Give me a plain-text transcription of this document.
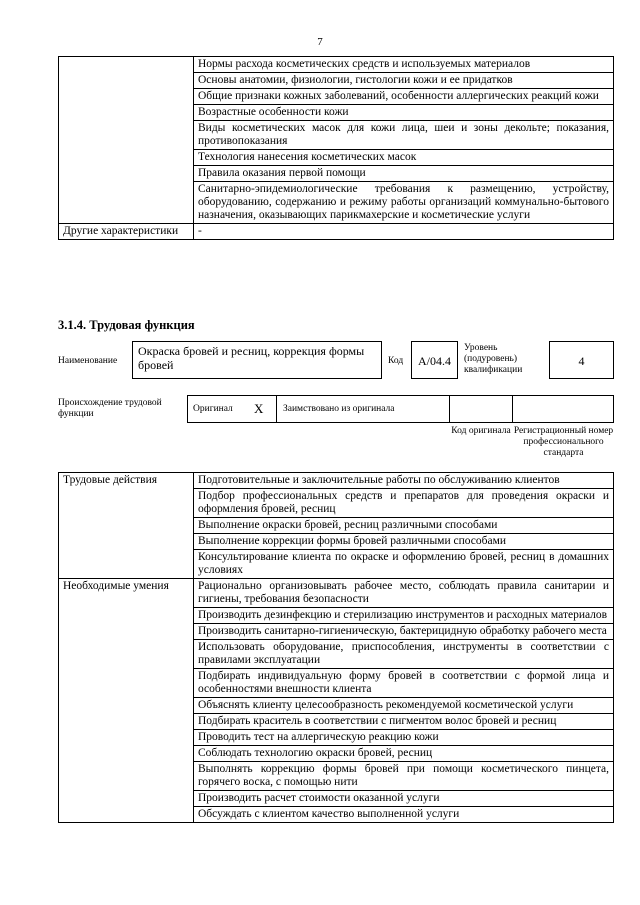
7
	Нормы расхода косметических средств и используемых материалов
	Основы анатомии, физиологии, гистологии кожи и ее придатков
	Общие признаки кожных заболеваний, особенности аллергических реакций кожи
	Возрастные особенности кожи
	Виды косметических масок для кожи лица, шеи и зоны декольте; показания, противопоказания
	Технология нанесения косметических масок
	Правила оказания первой помощи
	Санитарно-эпидемиологические требования к размещению, устройству, оборудованию, содержанию и режиму работы организаций коммунально-бытового назначения, оказывающих парикмахерские и косметические услуги
Другие характеристики	-
3.1.4. Трудовая функция
Наименование
Окраска бровей и ресниц, коррекция формы бровей	Код	A/04.4
Уровень (подуровень) квалификации
4
Происхождение трудовой функции	Оригинал X Заимствовано из оригинала
Код оригинала Регистрационный номер профессионального стандарта
Трудовые действия	Подготовительные и заключительные работы по обслуживанию клиентов
	Подбор профессиональных средств и препаратов для проведения окраски и оформления бровей, ресниц
	Выполнение окраски бровей, ресниц различными способами
	Выполнение коррекции формы бровей различными способами
	Консультирование клиента по окраске и оформлению бровей, ресниц в домашних условиях
Необходимые умения	Рационально организовывать рабочее место, соблюдать правила санитарии и гигиены, требования безопасности
	Производить дезинфекцию и стерилизацию инструментов и расходных материалов
	Производить санитарно-гигиеническую, бактерицидную обработку рабочего места
	Использовать оборудование, приспособления, инструменты в соответствии с правилами эксплуатации
	Подбирать индивидуальную форму бровей в соответствии с формой лица и особенностями внешности клиента
	Объяснять клиенту целесообразность рекомендуемой косметической услуги
	Подбирать краситель в соответствии с пигментом волос бровей и ресниц
	Проводить тест на аллергическую реакцию кожи
	Соблюдать технологию окраски бровей, ресниц
	Выполнять коррекцию формы бровей при помощи косметического пинцета, горячего воска, с помощью нити
	Производить расчет стоимости оказанной услуги
	Обсуждать с клиентом качество выполненной услуги
